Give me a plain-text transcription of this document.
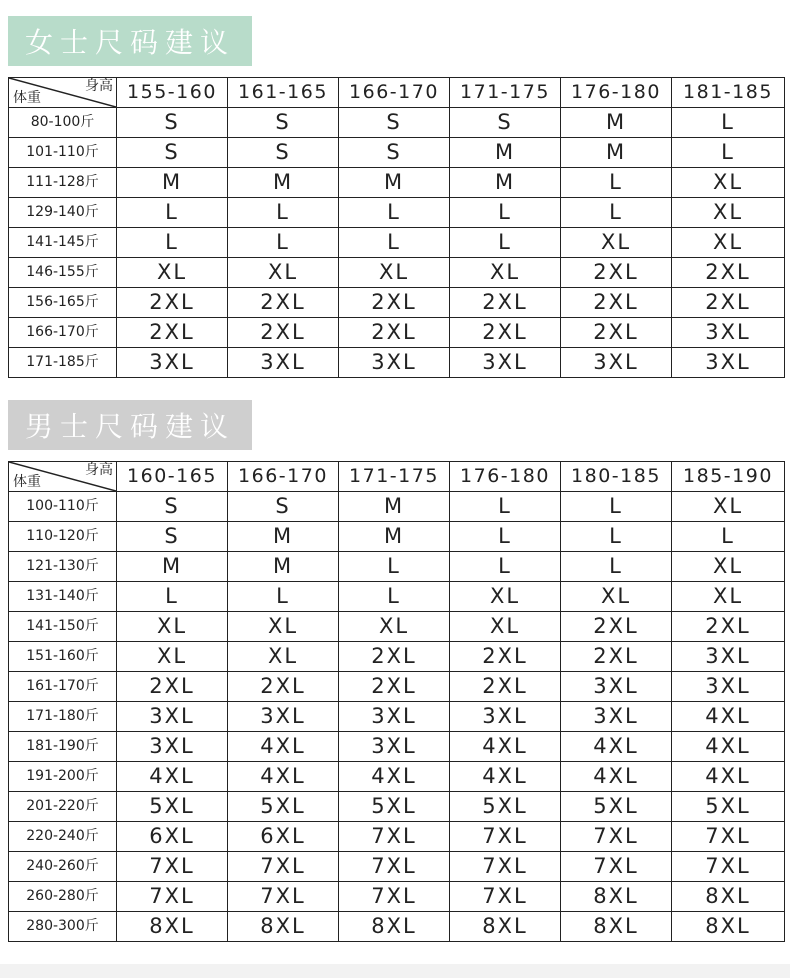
女士尺码建议
身高
体重	155-160	161-165	166-170	171-175	176-180	181-185
80-100斤	S	S	S	S	M	L
101-110斤	S	S	S	M	M	L
111-128斤	M	M	M	M	L	XL
129-140斤	L	L	L	L	L	XL
141-145斤	L	L	L	L	XL	XL
146-155斤	XL	XL	XL	XL	2XL	2XL
156-165斤	2XL	2XL	2XL	2XL	2XL	2XL
166-170斤	2XL	2XL	2XL	2XL	2XL	3XL
171-185斤	3XL	3XL	3XL	3XL	3XL	3XL
男士尺码建议
身高
体重	160-165	166-170	171-175	176-180	180-185	185-190
100-110斤	S	S	M	L	L	XL
110-120斤	S	M	M	L	L	L
121-130斤	M	M	L	L	L	XL
131-140斤	L	L	L	XL	XL	XL
141-150斤	XL	XL	XL	XL	2XL	2XL
151-160斤	XL	XL	2XL	2XL	2XL	3XL
161-170斤	2XL	2XL	2XL	2XL	3XL	3XL
171-180斤	3XL	3XL	3XL	3XL	3XL	4XL
181-190斤	3XL	4XL	3XL	4XL	4XL	4XL
191-200斤	4XL	4XL	4XL	4XL	4XL	4XL
201-220斤	5XL	5XL	5XL	5XL	5XL	5XL
220-240斤	6XL	6XL	7XL	7XL	7XL	7XL
240-260斤	7XL	7XL	7XL	7XL	7XL	7XL
260-280斤	7XL	7XL	7XL	7XL	8XL	8XL
280-300斤	8XL	8XL	8XL	8XL	8XL	8XL
